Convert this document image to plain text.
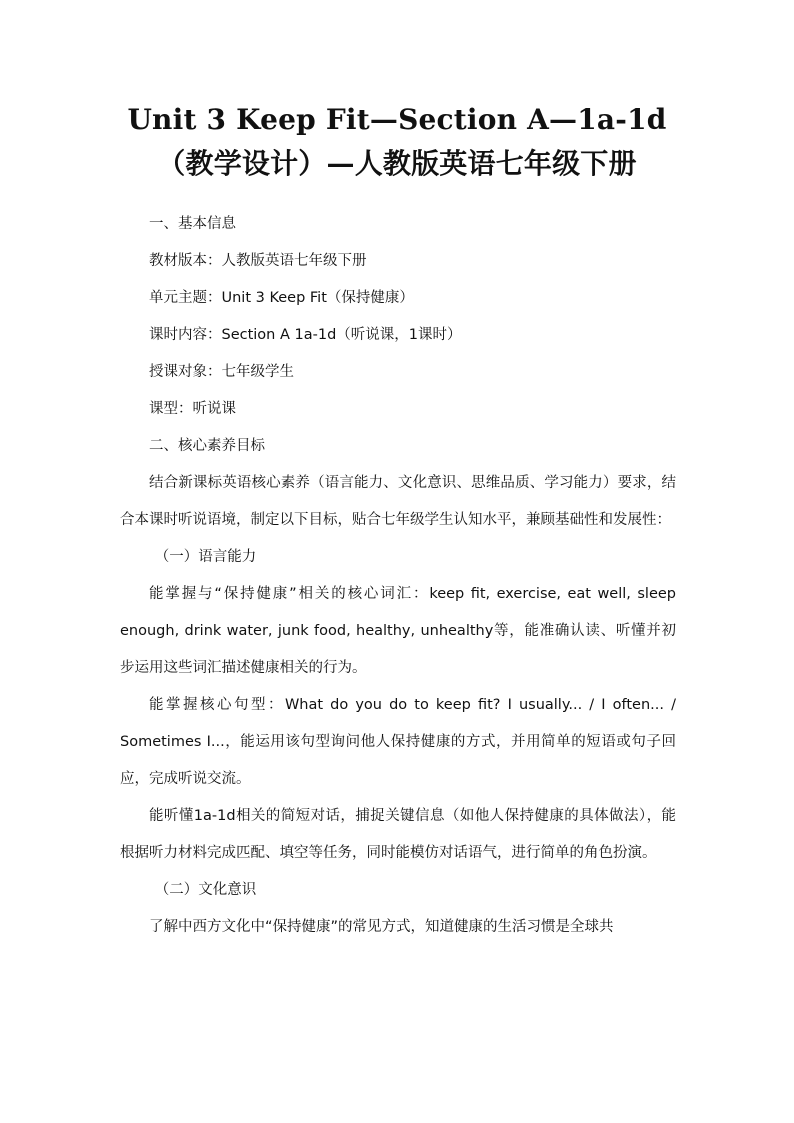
Unit 3 Keep Fit—Section A—1a-1d（教学设计）—人教版英语七年级下册

一、基本信息

教材版本：人教版英语七年级下册

单元主题：Unit 3 Keep Fit（保持健康）

课时内容：Section A 1a-1d（听说课，1课时）

授课对象：七年级学生

课型：听说课

二、核心素养目标

结合新课标英语核心素养（语言能力、文化意识、思维品质、学习能力）要求，结合本课时听说语境，制定以下目标，贴合七年级学生认知水平，兼顾基础性和发展性：

（一）语言能力

能掌握与“保持健康”相关的核心词汇：keep fit, exercise, eat well, sleep enough, drink water, junk food, healthy, unhealthy等，能准确认读、听懂并初步运用这些词汇描述健康相关的行为。

能掌握核心句型：What do you do to keep fit? I usually... / I often... / Sometimes I...，能运用该句型询问他人保持健康的方式，并用简单的短语或句子回应，完成听说交流。

能听懂1a-1d相关的简短对话，捕捉关键信息（如他人保持健康的具体做法），能根据听力材料完成匹配、填空等任务，同时能模仿对话语气，进行简单的角色扮演。

（二）文化意识

了解中西方文化中“保持健康”的常见方式，知道健康的生活习惯是全球共
